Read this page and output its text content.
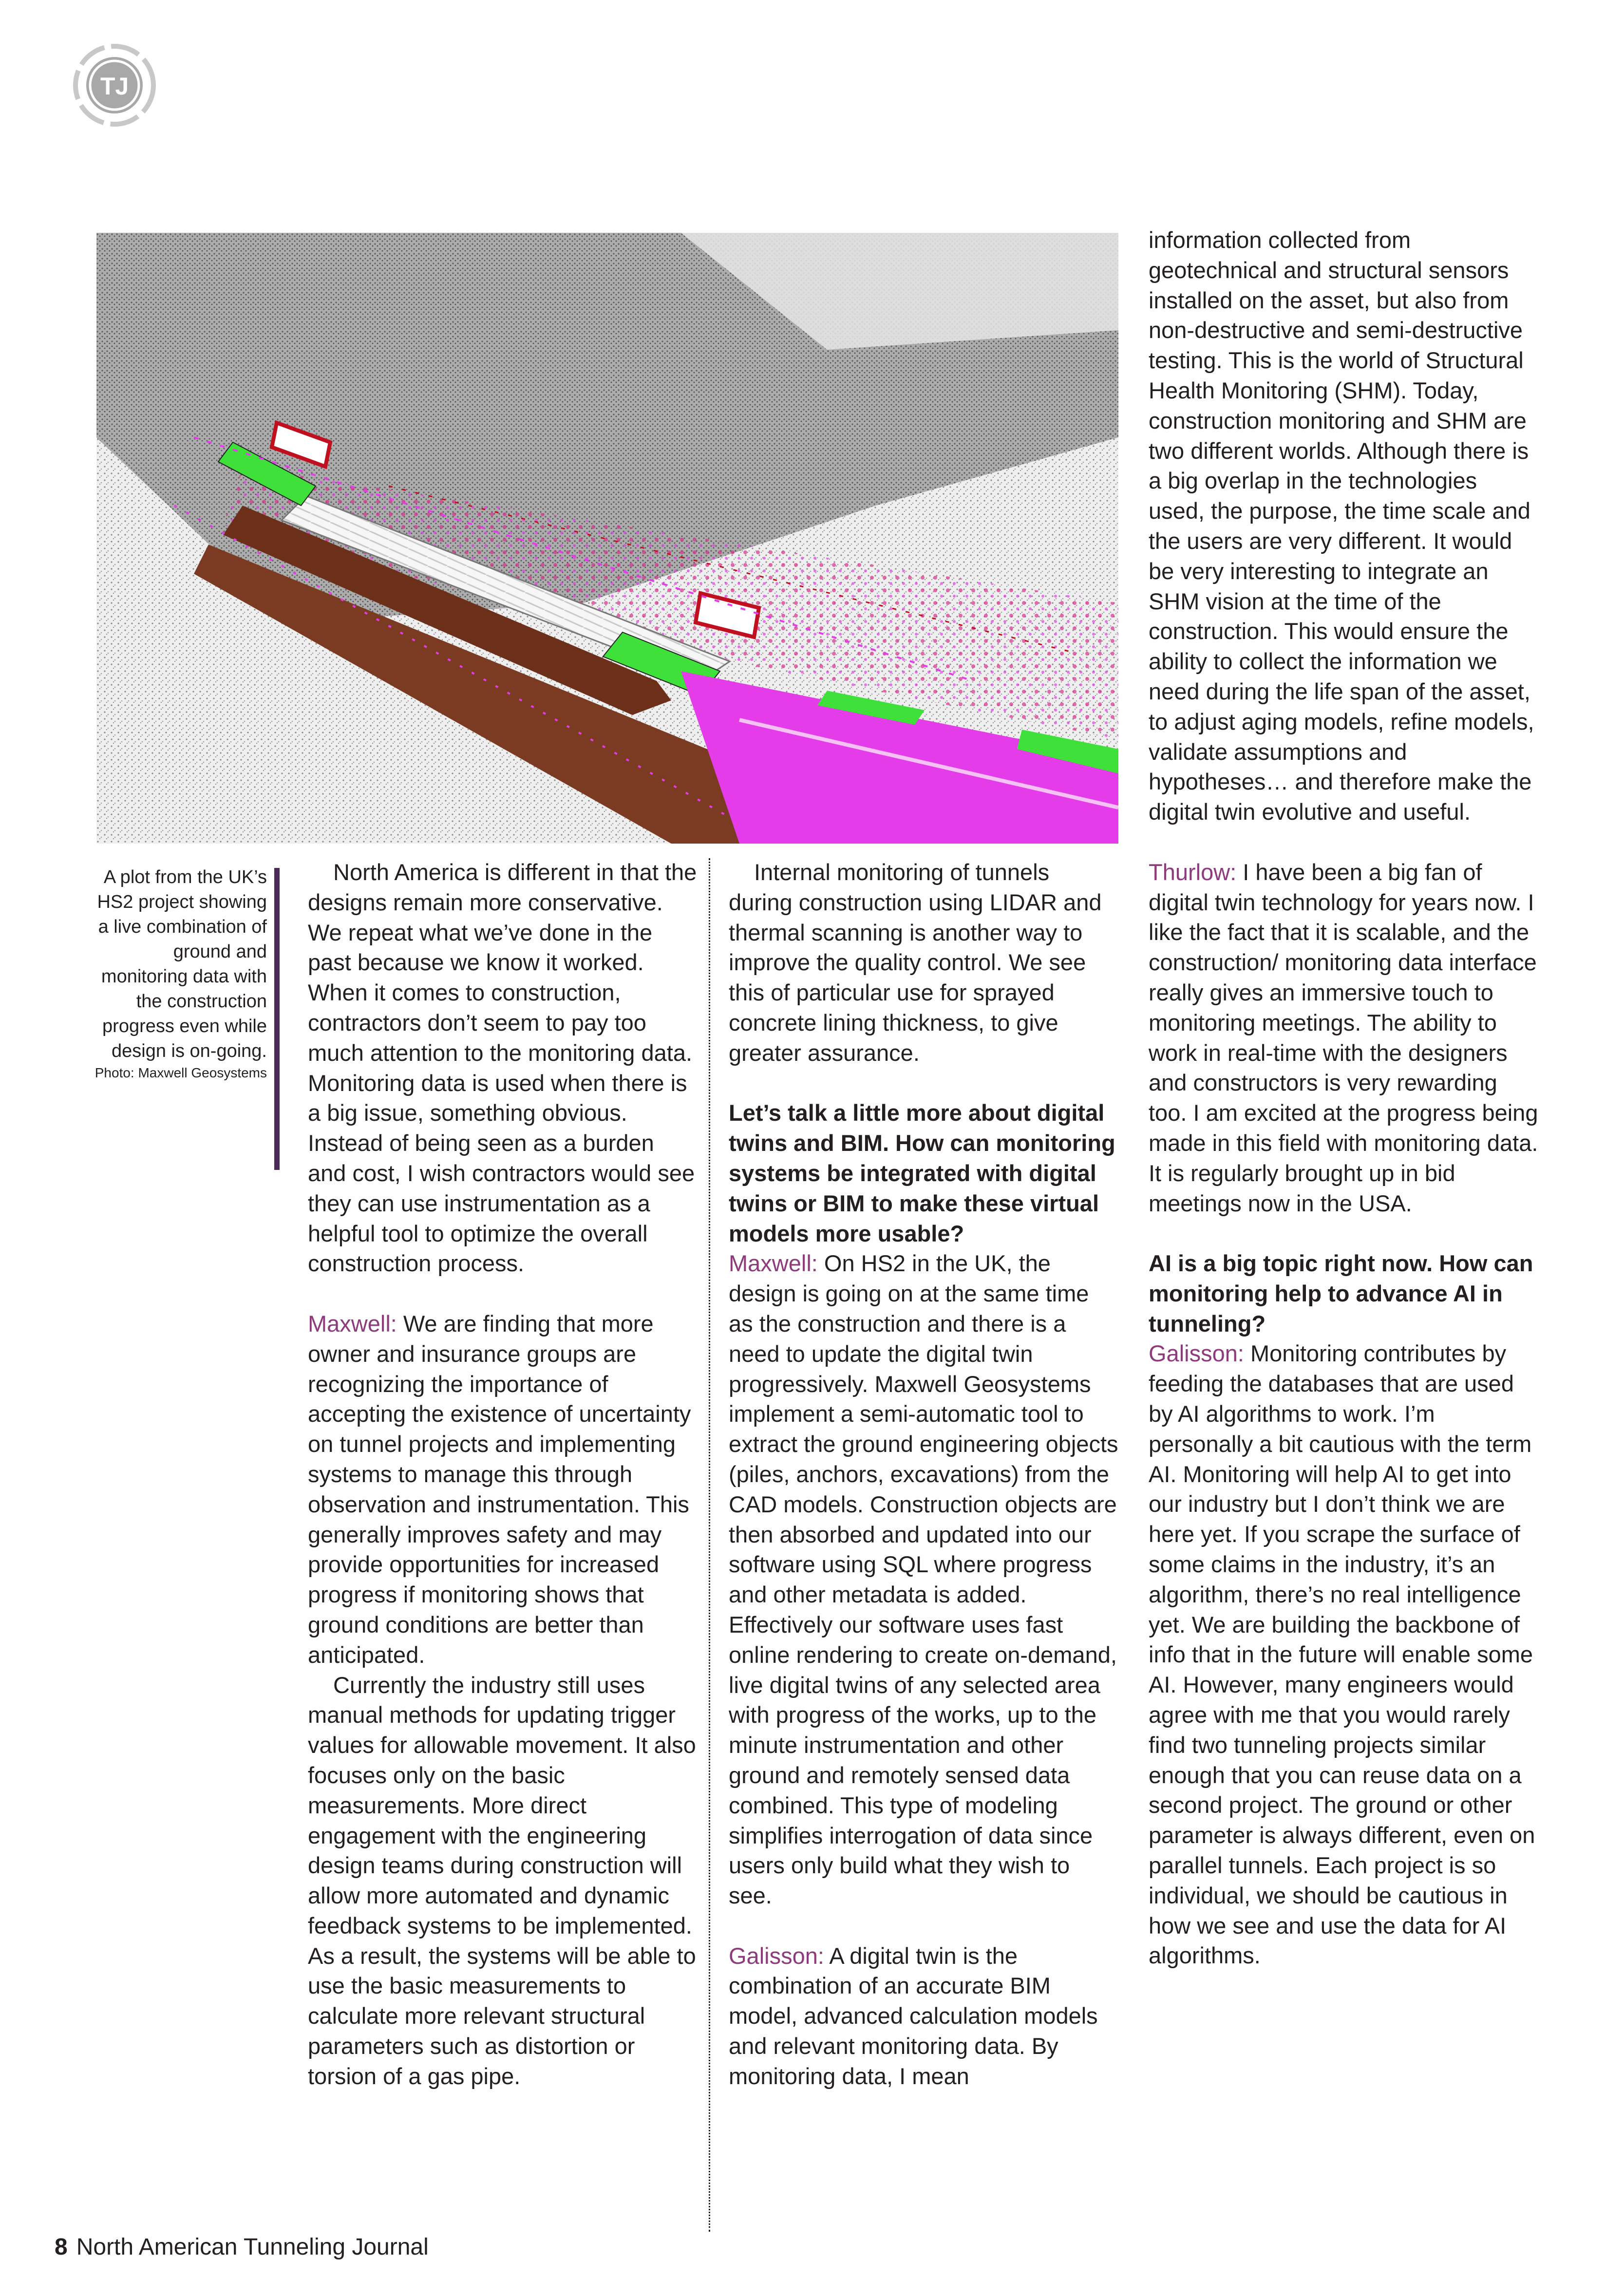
TJ
A plot from the UK’s HS2 project showing a live combination of ground and monitoring data with the construction progress even while design is on-going.
Photo: Maxwell Geosystems

North America is different in that the designs remain more conservative. We repeat what we’ve done in the past because we know it worked. When it comes to construction, contractors don’t seem to pay too much attention to the monitoring data. Monitoring data is used when there is a big issue, something obvious. Instead of being seen as a burden and cost, I wish contractors would see they can use instrumentation as a helpful tool to optimize the overall construction process.

Maxwell: We are finding that more owner and insurance groups are recognizing the importance of accepting the existence of uncertainty on tunnel projects and implementing systems to manage this through observation and instrumentation. This generally improves safety and may provide opportunities for increased progress if monitoring shows that ground conditions are better than anticipated.

Currently the industry still uses manual methods for updating trigger values for allowable movement. It also focuses only on the basic measurements. More direct engagement with the engineering design teams during construction will allow more automated and dynamic feedback systems to be implemented. As a result, the systems will be able to use the basic measurements to calculate more relevant structural parameters such as distortion or torsion of a gas pipe.

Internal monitoring of tunnels during construction using LIDAR and thermal scanning is another way to improve the quality control. We see this of particular use for sprayed concrete lining thickness, to give greater assurance.

Let’s talk a little more about digital twins and BIM. How can monitoring systems be integrated with digital twins or BIM to make these virtual models more usable?

Maxwell: On HS2 in the UK, the design is going on at the same time as the construction and there is a need to update the digital twin progressively. Maxwell Geosystems implement a semi-automatic tool to extract the ground engineering objects (piles, anchors, excavations) from the CAD models. Construction objects are then absorbed and updated into our software using SQL where progress and other metadata is added. Effectively our software uses fast online rendering to create on-demand, live digital twins of any selected area with progress of the works, up to the minute instrumentation and other ground and remotely sensed data combined. This type of modeling simplifies interrogation of data since users only build what they wish to see.

Galisson: A digital twin is the combination of an accurate BIM model, advanced calculation models and relevant monitoring data. By monitoring data, I mean

information collected from geotechnical and structural sensors installed on the asset, but also from non-destructive and semi-destructive testing. This is the world of Structural Health Monitoring (SHM). Today, construction monitoring and SHM are two different worlds. Although there is a big overlap in the technologies used, the purpose, the time scale and the users are very different. It would be very interesting to integrate an SHM vision at the time of the construction. This would ensure the ability to collect the information we need during the life span of the asset, to adjust aging models, refine models, validate assumptions and hypotheses… and therefore make the digital twin evolutive and useful.

Thurlow: I have been a big fan of digital twin technology for years now. I like the fact that it is scalable, and the construction/ monitoring data interface really gives an immersive touch to monitoring meetings. The ability to work in real-time with the designers and constructors is very rewarding too. I am excited at the progress being made in this field with monitoring data. It is regularly brought up in bid meetings now in the USA.

AI is a big topic right now. How can monitoring help to advance AI in tunneling?

Galisson: Monitoring contributes by feeding the databases that are used by AI algorithms to work. I’m personally a bit cautious with the term AI. Monitoring will help AI to get into our industry but I don’t think we are here yet. If you scrape the surface of some claims in the industry, it’s an algorithm, there’s no real intelligence yet. We are building the backbone of info that in the future will enable some AI. However, many engineers would agree with me that you would rarely find two tunneling projects similar enough that you can reuse data on a second project. The ground or other parameter is always different, even on parallel tunnels. Each project is so individual, we should be cautious in how we see and use the data for AI algorithms.

8 North American Tunneling Journal
